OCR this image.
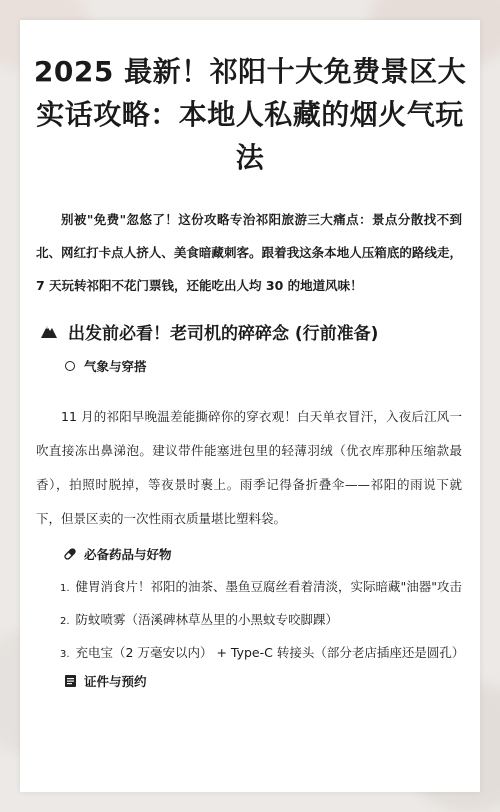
2025 最新！祁阳十大免费景区大实话攻略：本地人私藏的烟火气玩法

别被"免费"忽悠了！这份攻略专治祁阳旅游三大痛点：景点分散找不到北、网红打卡点人挤人、美食暗藏刺客。跟着我这条本地人压箱底的路线走，7 天玩转祁阳不花门票钱，还能吃出人均 30 的地道风味！

出发前必看！老司机的碎碎念 (行前准备)
气象与穿搭

11 月的祁阳早晚温差能撕碎你的穿衣观！白天单衣冒汗，入夜后江风一吹直接冻出鼻涕泡。建议带件能塞进包里的轻薄羽绒（优衣库那种压缩款最香），拍照时脱掉，等夜景时裹上。雨季记得备折叠伞——祁阳的雨说下就下，但景区卖的一次性雨衣质量堪比塑料袋。

必备药品与好物
1. 健胃消食片！祁阳的油茶、墨鱼豆腐丝看着清淡，实际暗藏"油器"攻击
2. 防蚊喷雾（浯溪碑林草丛里的小黑蚊专咬脚踝）
3. 充电宝（2 万毫安以内） + Type-C 转接头（部分老店插座还是圆孔）
证件与预约
